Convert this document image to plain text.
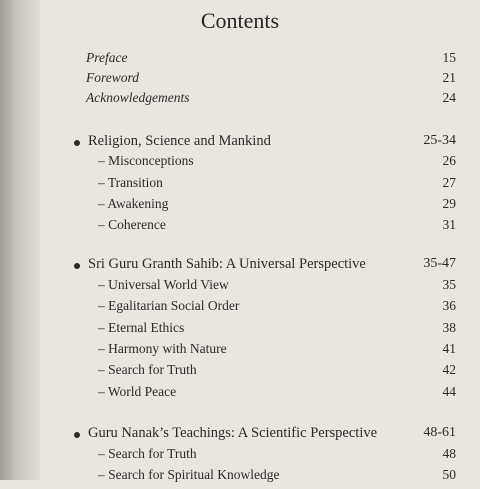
Contents
Preface	15
Foreword	21
Acknowledgements	24
Religion, Science and Mankind	25-34
– Misconceptions	26
– Transition	27
– Awakening	29
– Coherence	31
Sri Guru Granth Sahib: A Universal Perspective	35-47
– Universal World View	35
– Egalitarian Social Order	36
– Eternal Ethics	38
– Harmony with Nature	41
– Search for Truth	42
– World Peace	44
Guru Nanak’s Teachings: A Scientific Perspective	48-61
– Search for Truth	48
– Search for Spiritual Knowledge	50
